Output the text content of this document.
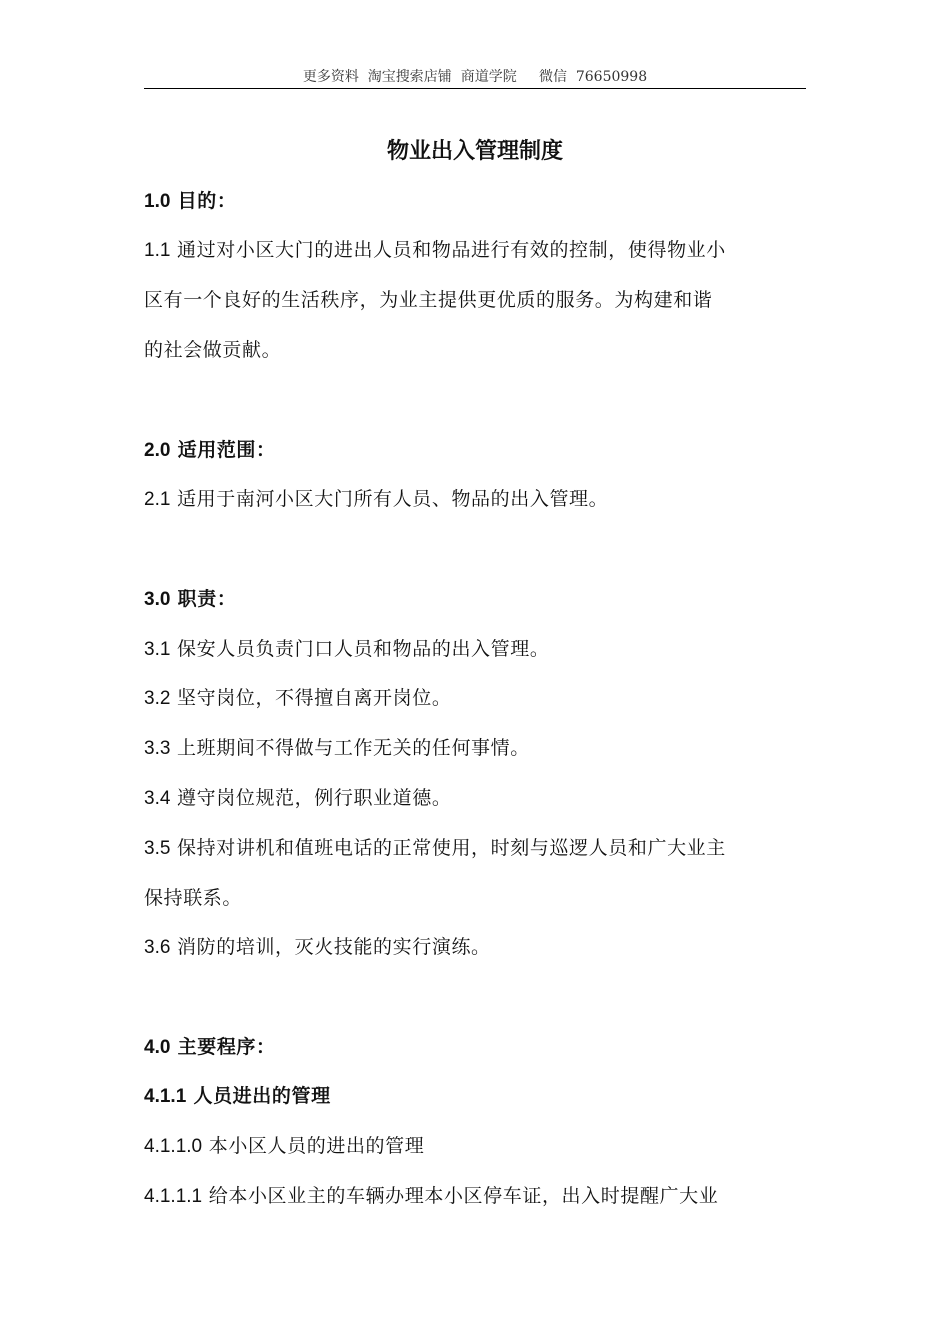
更多资料  淘宝搜索店铺  商道学院     微信  76650998
物业出入管理制度
1.0 目的：
1.1 通过对小区大门的进出人员和物品进行有效的控制，使得物业小
区有一个良好的生活秩序，为业主提供更优质的服务。为构建和谐
的社会做贡献。
2.0 适用范围：
2.1 适用于南河小区大门所有人员、物品的出入管理。
3.0 职责：
3.1 保安人员负责门口人员和物品的出入管理。
3.2 坚守岗位，不得擅自离开岗位。
3.3 上班期间不得做与工作无关的任何事情。
3.4 遵守岗位规范，例行职业道德。
3.5 保持对讲机和值班电话的正常使用，时刻与巡逻人员和广大业主
保持联系。
3.6 消防的培训，灭火技能的实行演练。
4.0 主要程序：
4.1.1 人员进出的管理
4.1.1.0 本小区人员的进出的管理
4.1.1.1 给本小区业主的车辆办理本小区停车证，出入时提醒广大业
